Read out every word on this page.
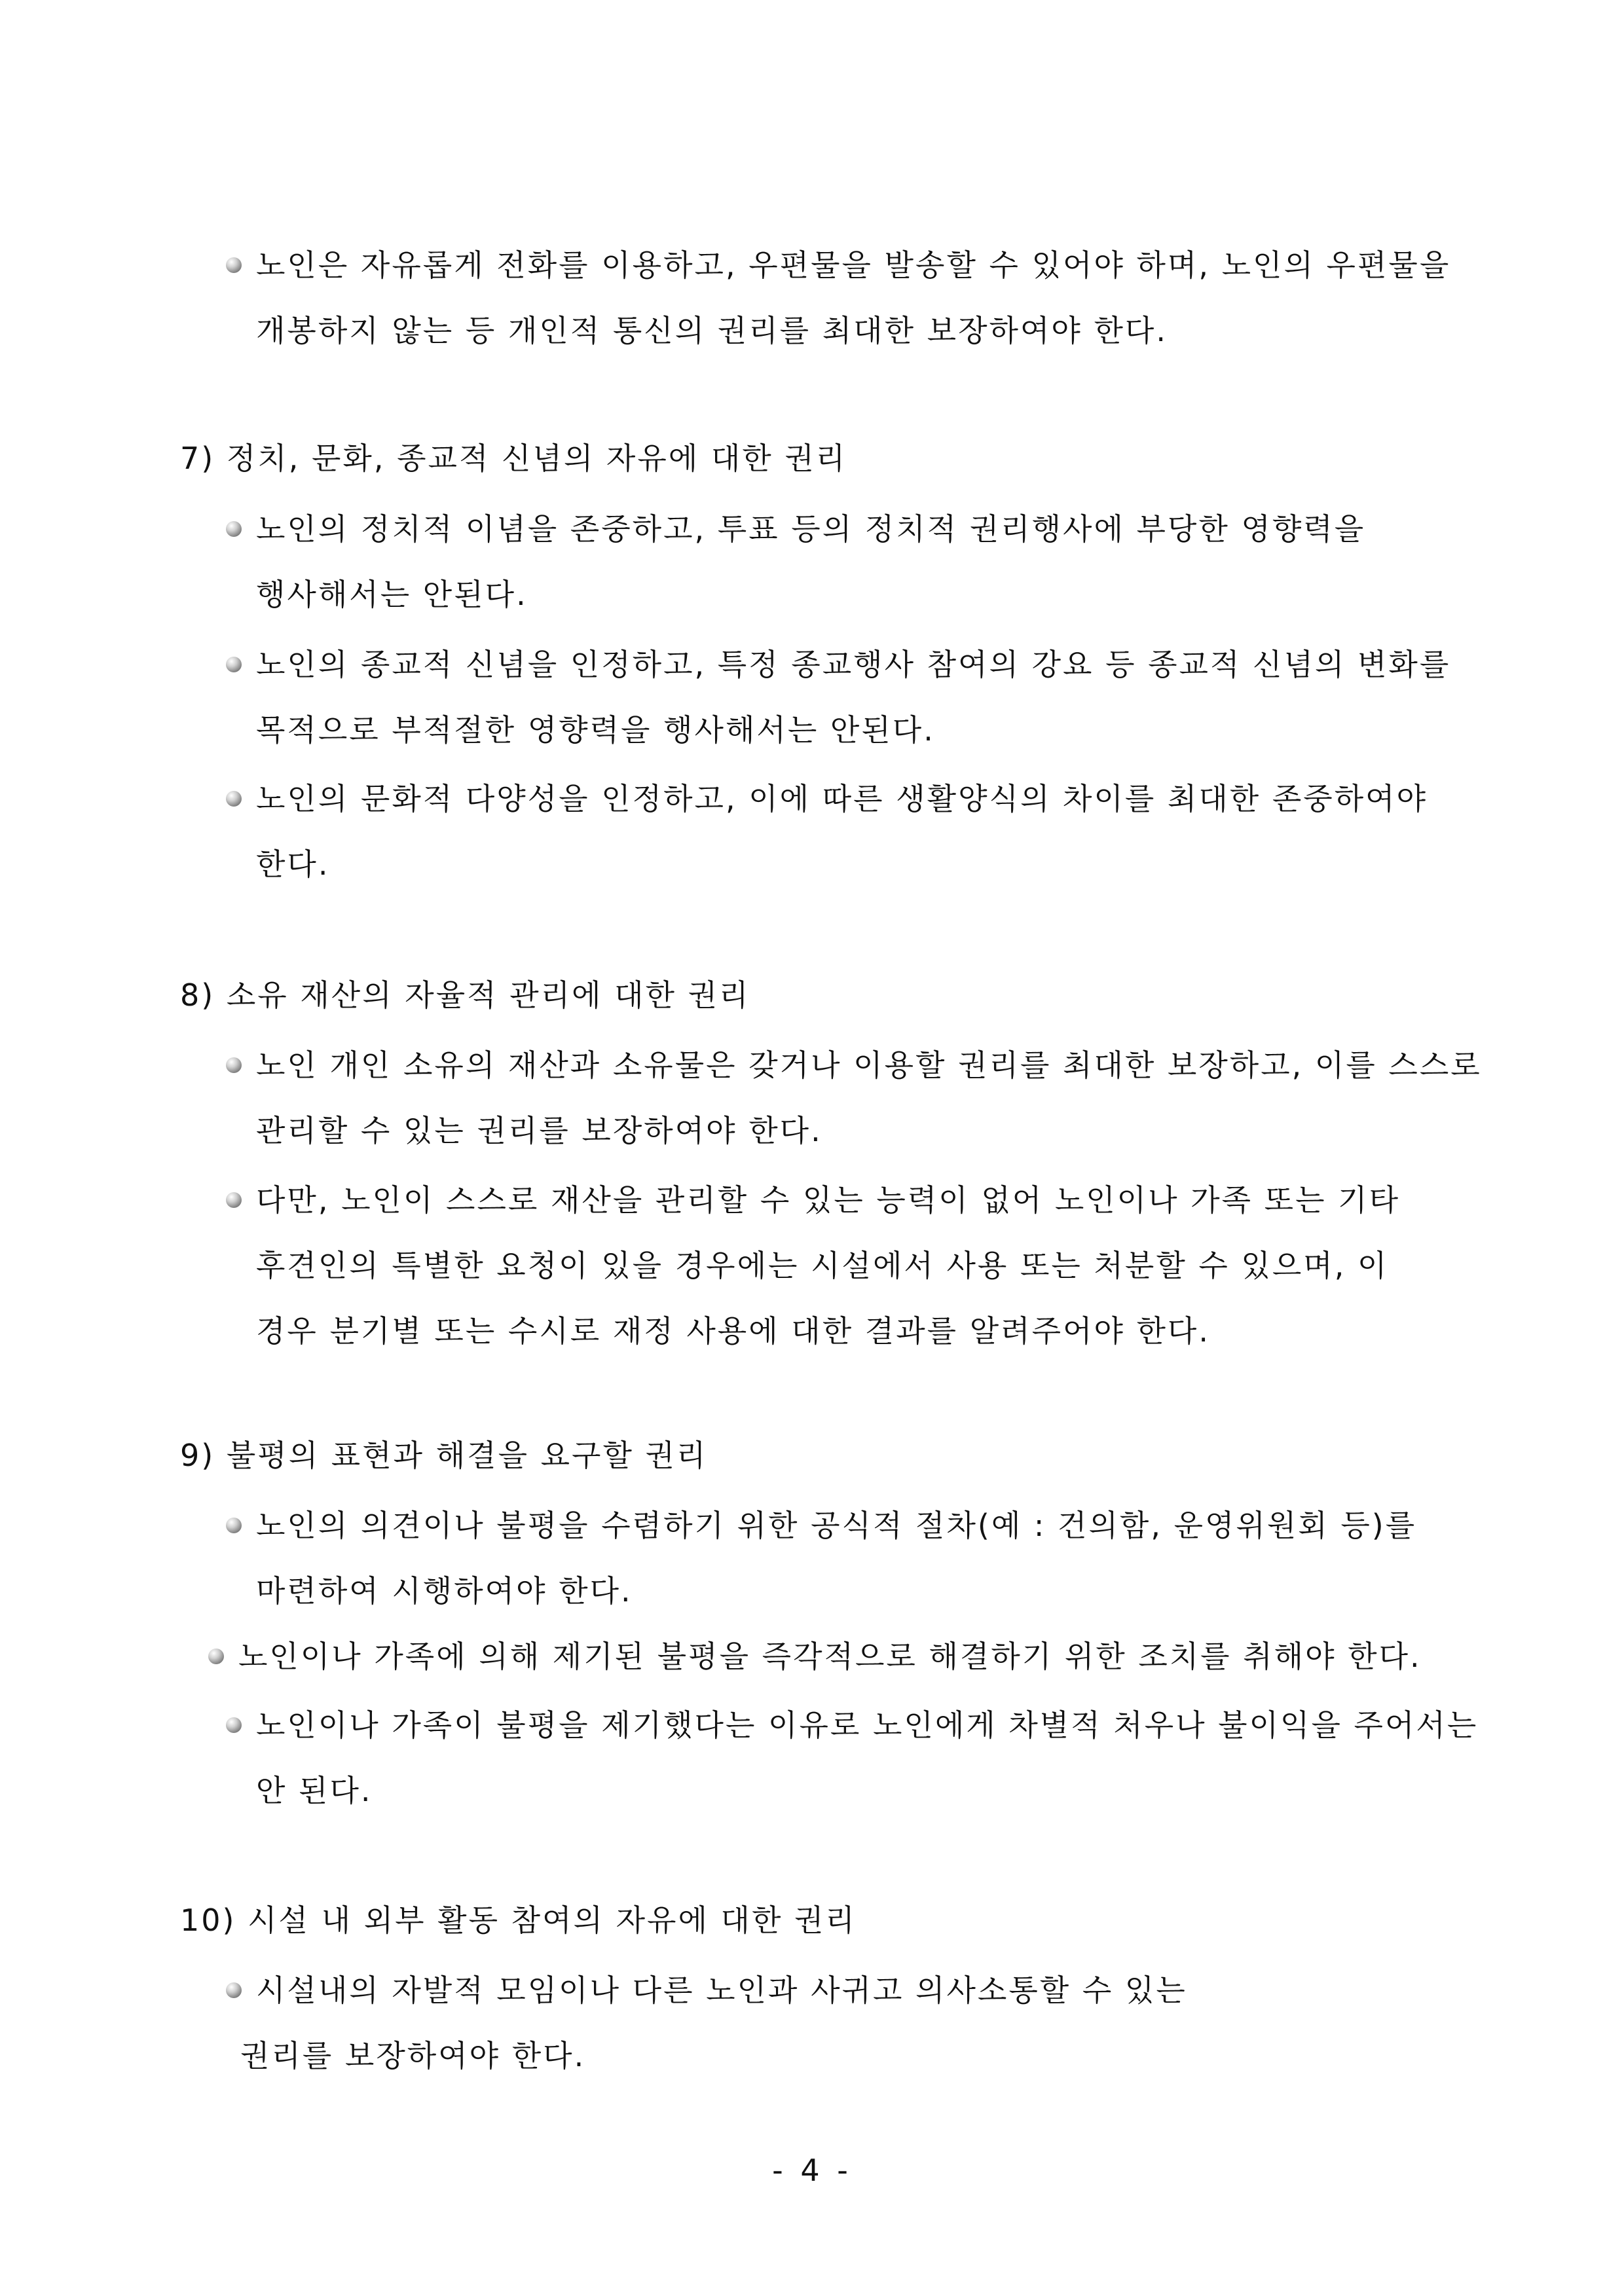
노인은 자유롭게 전화를 이용하고, 우편물을 발송할 수 있어야 하며, 노인의 우편물을
개봉하지 않는 등 개인적 통신의 권리를 최대한 보장하여야 한다.
7) 정치, 문화, 종교적 신념의 자유에 대한 권리
노인의 정치적 이념을 존중하고, 투표 등의 정치적 권리행사에 부당한 영향력을
행사해서는 안된다.
노인의 종교적 신념을 인정하고, 특정 종교행사 참여의 강요 등 종교적 신념의 변화를
목적으로 부적절한 영향력을 행사해서는 안된다.
노인의 문화적 다양성을 인정하고, 이에 따른 생활양식의 차이를 최대한 존중하여야
한다.
8) 소유 재산의 자율적 관리에 대한 권리
노인 개인 소유의 재산과 소유물은 갖거나 이용할 권리를 최대한 보장하고, 이를 스스로
관리할 수 있는 권리를 보장하여야 한다.
다만, 노인이 스스로 재산을 관리할 수 있는 능력이 없어 노인이나 가족 또는 기타
후견인의 특별한 요청이 있을 경우에는 시설에서 사용 또는 처분할 수 있으며, 이
경우 분기별 또는 수시로 재정 사용에 대한 결과를 알려주어야 한다.
9) 불평의 표현과 해결을 요구할 권리
노인의 의견이나 불평을 수렴하기 위한 공식적 절차(예 : 건의함, 운영위원회 등)를
마련하여 시행하여야 한다.
노인이나 가족에 의해 제기된 불평을 즉각적으로 해결하기 위한 조치를 취해야 한다.
노인이나 가족이 불평을 제기했다는 이유로 노인에게 차별적 처우나 불이익을 주어서는
안 된다.
10) 시설 내 외부 활동 참여의 자유에 대한 권리
시설내의 자발적 모임이나 다른 노인과 사귀고 의사소통할 수 있는
권리를 보장하여야 한다.
- 4 -
